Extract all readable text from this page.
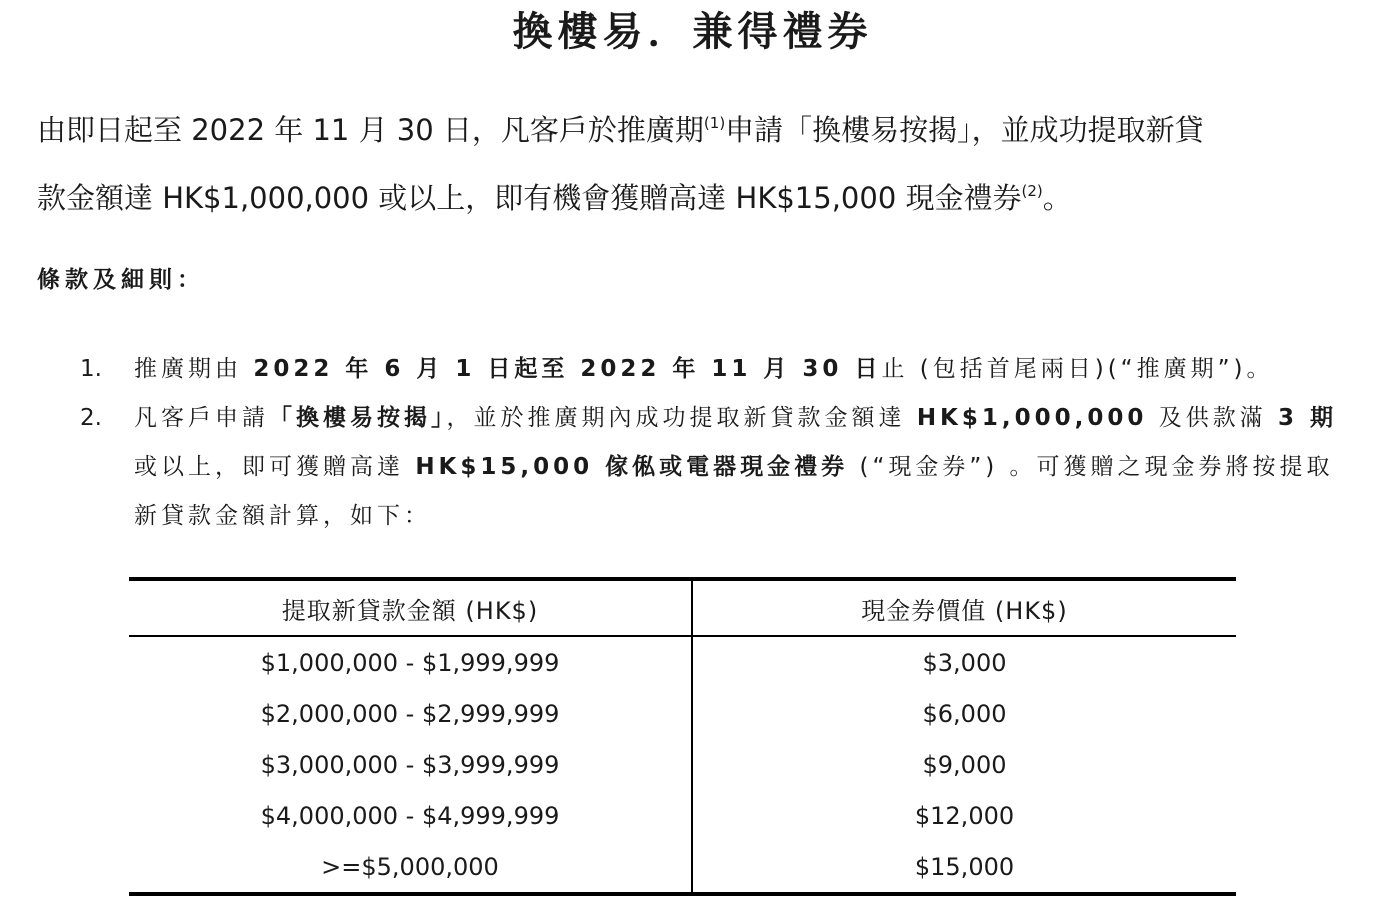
換樓易．兼得禮券
由即日起至 2022 年 11 月 30 日，凡客戶於推廣期$^{(1)}$申請「換樓易按揭」，並成功提取新貸
款金額達 HK$1,000,000 或以上，即有機會獲贈高達 HK$15,000 現金禮券$^{(2)}$。
條款及細則：
1. 推廣期由 2022 年 6 月 1 日起至 2022 年 11 月 30 日止 (包括首尾兩日)(“推廣期”)。
2. 凡客戶申請「換樓易按揭」，並於推廣期內成功提取新貸款金額達 HK$1,000,000 及供款滿 3 期或以上，即可獲贈高達 HK$15,000 傢俬或電器現金禮券 (“現金券”) 。可獲贈之現金券將按提取新貸款金額計算，如下：
提取新貸款金額 (HK$)	現金券價值 (HK$)
$1,000,000 - $1,999,999	$3,000
$2,000,000 - $2,999,999	$6,000
$3,000,000 - $3,999,999	$9,000
$4,000,000 - $4,999,999	$12,000
>=$5,000,000	$15,000
